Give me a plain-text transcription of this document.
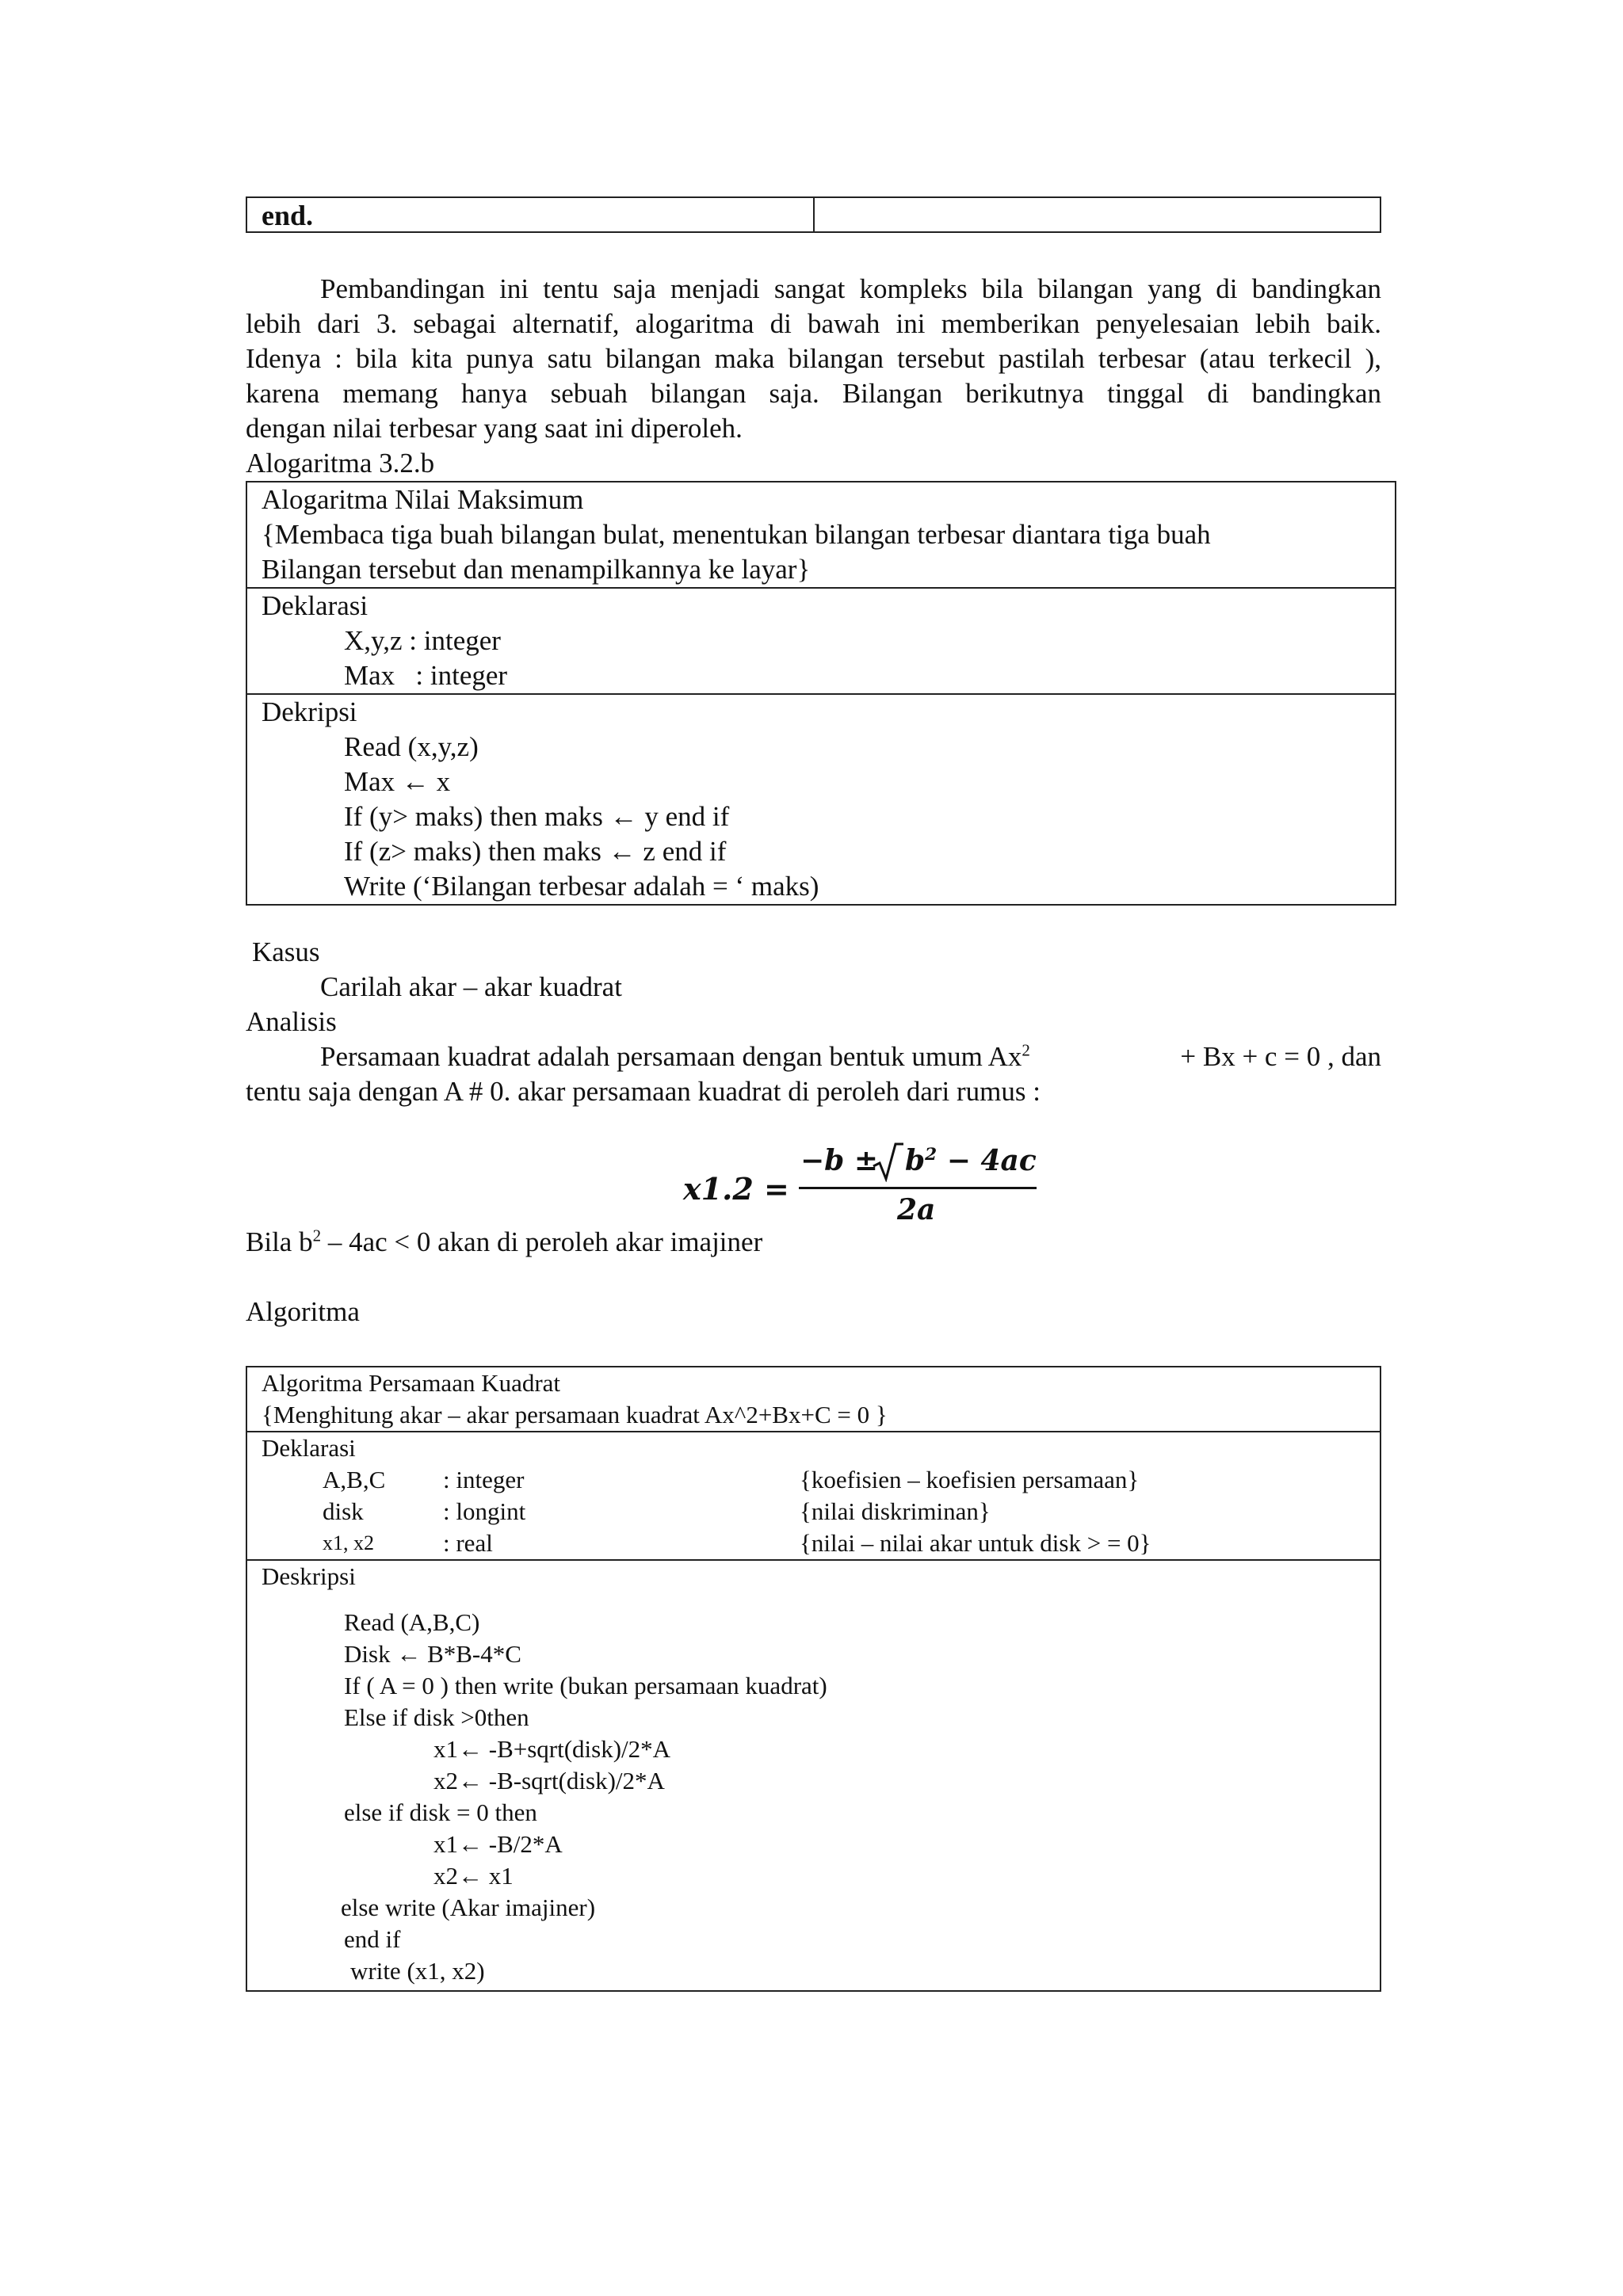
end.
Pembandingan ini tentu saja menjadi sangat kompleks bila bilangan yang di bandingkan
lebih dari 3. sebagai alternatif, alogaritma di bawah ini memberikan penyelesaian lebih baik.
Idenya : bila kita punya satu bilangan maka bilangan tersebut pastilah terbesar (atau terkecil ),
karena memang hanya sebuah bilangan saja. Bilangan berikutnya tinggal di bandingkan
dengan nilai terbesar yang saat ini diperoleh.
Alogaritma 3.2.b
Alogaritma Nilai Maksimum
{Membaca tiga buah bilangan bulat, menentukan bilangan terbesar diantara tiga buah
Bilangan tersebut dan menampilkannya ke layar}
Deklarasi
X,y,z : integer
Max   : integer
Dekripsi
Read (x,y,z)
Max ← x
If (y> maks) then maks ← y end if
If (z> maks) then maks ← z end if
Write (‘Bilangan terbesar adalah = ‘ maks)
Kasus
Carilah akar – akar kuadrat
Analisis
Persamaan kuadrat adalah persamaan dengan bentuk umum $Ax^2$	+ Bx + c = 0 , dan
tentu saja dengan A # 0. akar persamaan kuadrat di peroleh dari rumus :
x1.2 =
$-b \pm b^2 - 4ac$
2a
Bila $b^2 - 4ac < 0$ akan di peroleh akar imajiner
Algoritma
Algoritma Persamaan Kuadrat
{Menghitung akar – akar persamaan kuadrat Ax^2+Bx+C = 0 }
Deklarasi
A,B,C	: integer	{koefisien – koefisien persamaan}
disk	: longint	{nilai diskriminan}
x1, x2	: real	{nilai – nilai akar untuk disk > = 0}
Deskripsi
Read (A,B,C)
Disk ← B*B-4*C
If ( A = 0 ) then write (bukan persamaan kuadrat)
Else if disk >0then
x1← -B+sqrt(disk)/2*A
x2← -B-sqrt(disk)/2*A
else if disk = 0 then
x1← -B/2*A
x2← x1
else write (Akar imajiner)
end if
write (x1, x2)
